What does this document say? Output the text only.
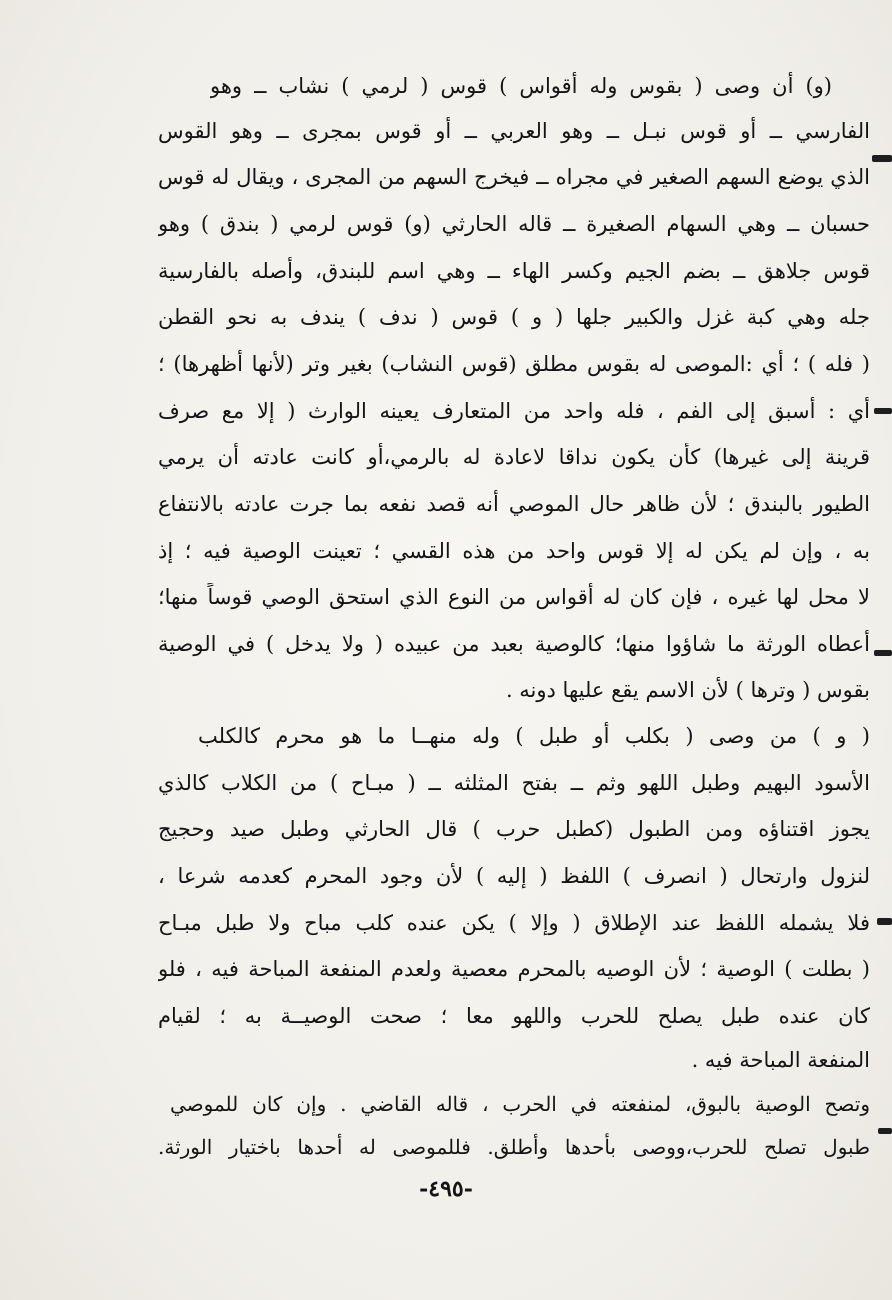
(و) أن وصى ( بقوس وله أقواس ) قوس ( لرمي ) نشاب ــ وهو
الفارسي ــ أو قوس نبـل ــ وهو العربي ــ أو قوس بمجرى ــ وهو القوس
الذي يوضع السهم الصغير في مجراه ــ فيخرج السهم من المجرى ، ويقال له قوس
حسبان ــ وهي السهام الصغيرة ــ قاله الحارثي (و) قوس لرمي ( بندق ) وهو
قوس جلاهق ــ بضم الجيم وكسر الهاء ــ وهي اسم للبندق، وأصله بالفارسية
جله وهي كبة غزل والكبير جلها ( و ) قوس ( ندف ) يندف به نحو القطن
( فله ) ؛ أي :الموصى له بقوس مطلق (قوس النشاب) بغير وتر (لأنها أظهرها) ؛
أي : أسبق إلى الفم ، فله واحد من المتعارف يعينه الوارث ( إلا مع صرف
قرينة إلى غيرها) كأن يكون نداقا لاعادة له بالرمي،أو كانت عادته أن يرمي
الطيور بالبندق ؛ لأن ظاهر حال الموصي أنه قصد نفعه بما جرت عادته بالانتفاع
به ، وإن لم يكن له إلا قوس واحد من هذه القسي ؛ تعينت الوصية فيه ؛ إذ
لا محل لها غيره ، فإن كان له أقواس من النوع الذي استحق الوصي قوساً منها؛
أعطاه الورثة ما شاؤوا منها؛ كالوصية بعبد من عبيده ( ولا يدخل ) في الوصية
بقوس ( وترها ) لأن الاسم يقع عليها دونه .
( و ) من وصى ( بكلب أو طبل ) وله منهــا ما هو محرم كالكلب
الأسود البهيم وطبل اللهو وثم ــ بفتح المثلثه ــ ( مبـاح ) من الكلاب كالذي
يجوز اقتناؤه ومن الطبول (كطبل حرب ) قال الحارثي وطبل صيد وحجيج
لنزول وارتحال ( انصرف ) اللفظ ( إليه ) لأن وجود المحرم كعدمه شرعا ،
فلا يشمله اللفظ عند الإطلاق ( وإلا ) يكن عنده كلب مباح ولا طبل مبـاح
( بطلت ) الوصية ؛ لأن الوصيه بالمحرم معصية ولعدم المنفعة المباحة فيه ، فلو
كان عنده طبل يصلح للحرب واللهو معا ؛ صحت الوصيــة به ؛ لقيام
المنفعة المباحة فيه .
وتصح الوصية بالبوق، لمنفعته في الحرب ، قاله القاضي . وإن كان للموصي
طبول تصلح للحرب،ووصى بأحدها وأطلق. فللموصى له أحدها باختيار الورثة.
-٤٩٥-
